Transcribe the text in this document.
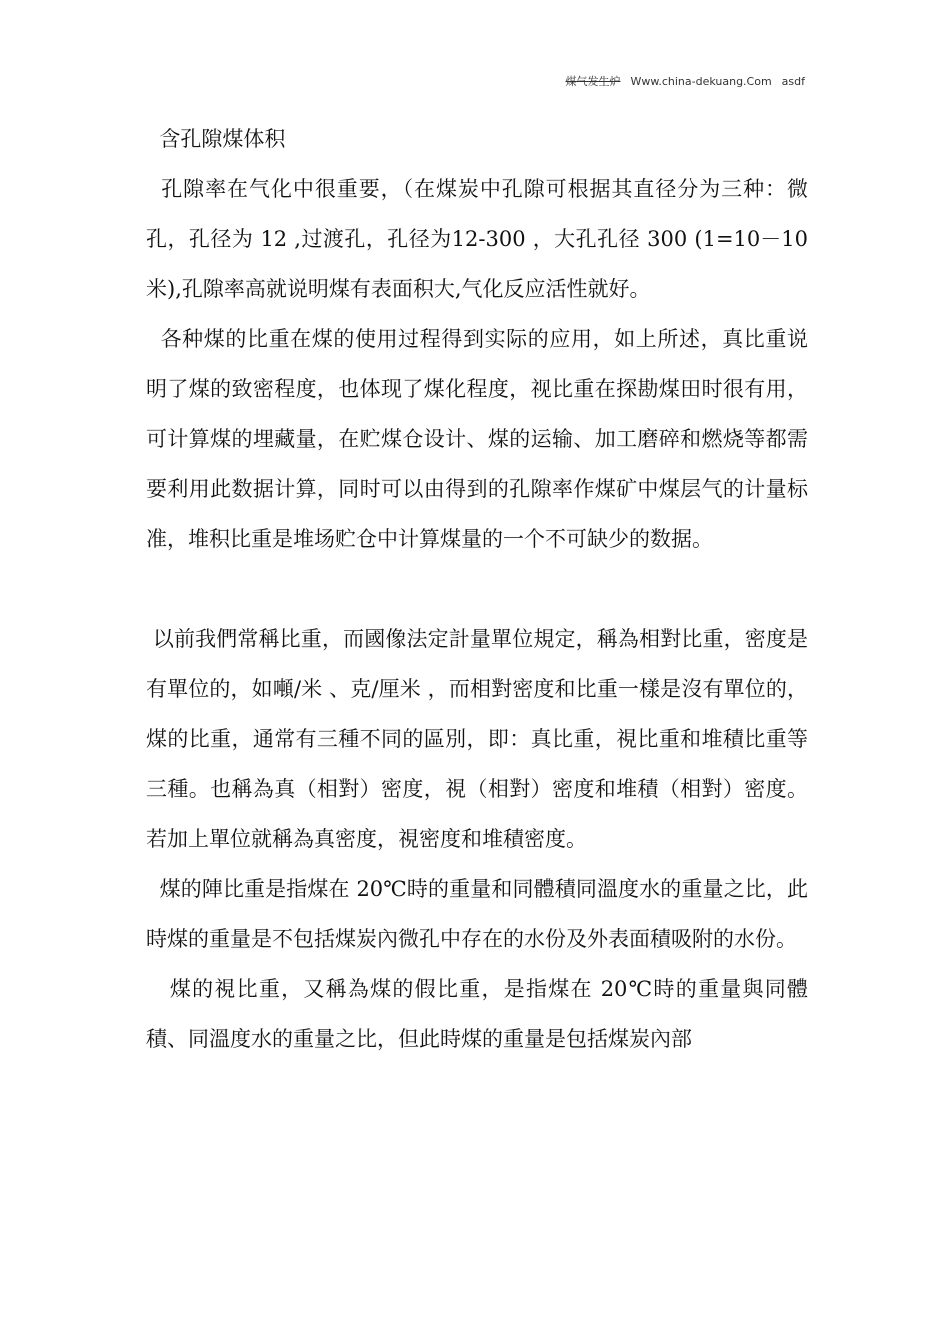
煤气发生炉 Www.china-dekuang.Com asdf

含孔隙煤体积

孔隙率在气化中很重要，（在煤炭中孔隙可根据其直径分为三种：微孔，孔径为 12 ,过渡孔，孔径为12-300 ，大孔孔径 300 (1=10－10 米),孔隙率高就说明煤有表面积大,气化反应活性就好。

各种煤的比重在煤的使用过程得到实际的应用，如上所述，真比重说明了煤的致密程度，也体现了煤化程度，视比重在探勘煤田时很有用，可计算煤的埋藏量，在贮煤仓设计、煤的运输、加工磨碎和燃烧等都需要利用此数据计算，同时可以由得到的孔隙率作煤矿中煤层气的计量标准，堆积比重是堆场贮仓中计算煤量的一个不可缺少的数据。

以前我們常稱比重，而國像法定計量單位規定，稱為相對比重，密度是有單位的，如噸/米 、克/厘米 ，而相對密度和比重一樣是沒有單位的，煤的比重，通常有三種不同的區別，即：真比重，視比重和堆積比重等三種。也稱為真（相對）密度，視（相對）密度和堆積（相對）密度。若加上單位就稱為真密度，視密度和堆積密度。

煤的陣比重是指煤在 20℃時的重量和同體積同溫度水的重量之比，此時煤的重量是不包括煤炭內微孔中存在的水份及外表面積吸附的水份。

煤的視比重，又稱為煤的假比重，是指煤在 20℃時的重量與同體積、同溫度水的重量之比，但此時煤的重量是包括煤炭內部
